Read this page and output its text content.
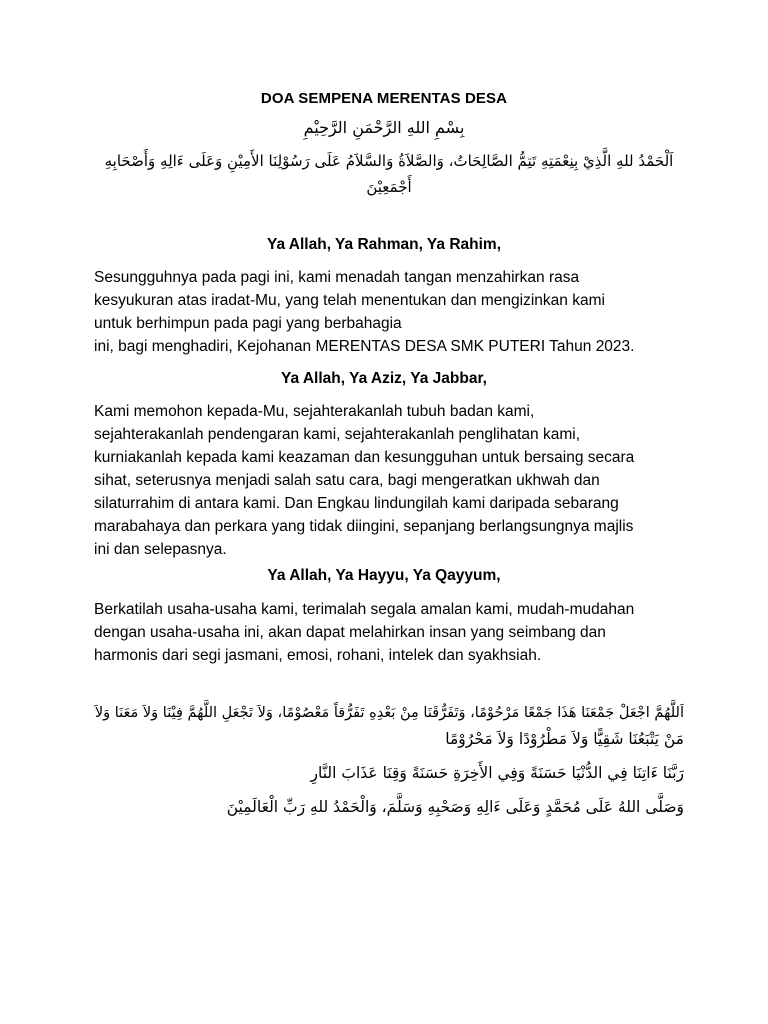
DOA SEMPENA MERENTAS DESA
بِسْمِ اللهِ الرَّحْمَنِ الرَّحِيْمِ
اَلْحَمْدُ للهِ الَّذِيْ بِنِعْمَتِهِ تَتِمُّ الصَّالِحَاتُ، وَالصَّلاَةُ وَالسَّلاَمُ عَلَى رَسُوْلِنَا الأَمِيْنِ وَعَلَى ءَالِهِ وَأَصْحَابِهِ أَجْمَعِيْنَ
Ya Allah, Ya Rahman, Ya Rahim,
Sesungguhnya pada pagi ini, kami menadah tangan menzahirkan rasa
kesyukuran atas iradat-Mu, yang telah menentukan dan mengizinkan kami
untuk berhimpun pada pagi yang berbahagia
ini, bagi menghadiri, Kejohanan MERENTAS DESA SMK PUTERI Tahun 2023.
Ya Allah, Ya Aziz, Ya Jabbar,
Kami memohon kepada-Mu, sejahterakanlah tubuh badan kami,
sejahterakanlah pendengaran kami, sejahterakanlah penglihatan kami,
kurniakanlah kepada kami keazaman dan kesungguhan untuk bersaing secara
sihat, seterusnya menjadi salah satu cara, bagi mengeratkan ukhwah dan
silaturrahim di antara kami. Dan Engkau lindungilah kami daripada sebarang
marabahaya dan perkara yang tidak diingini, sepanjang berlangsungnya majlis
ini dan selepasnya.
Ya Allah, Ya Hayyu, Ya Qayyum,
Berkatilah usaha-usaha kami, terimalah segala amalan kami, mudah-mudahan
dengan usaha-usaha ini, akan dapat melahirkan insan yang seimbang dan
harmonis dari segi jasmani, emosi, rohani, intelek dan syakhsiah.
اَللَّهُمَّ اجْعَلْ جَمْعَنَا هَذَا جَمْعًا مَرْحُوْمًا، وَتَفَرُّقَنَا مِنْ بَعْدِهِ تَفَرُّقاً مَعْصُوْمًا، وَلاَ تَجْعَلِ اللَّهُمَّ فِيْنَا وَلاَ مَعَنَا وَلاَ
مَنْ يَتْبَعُنَا شَقِيًّا وَلاَ مَطْرُوْدًا وَلاَ مَحْرُوْمًا
رَبَّنَا ءَاتِنَا فِي الدُّنْيَا حَسَنَةً وَفِي الأَخِرَةِ حَسَنَةً وَقِنَا عَذَابَ النَّارِ
وَصَلَّى اللهُ عَلَى مُحَمَّدٍ وَعَلَى ءَالِهِ وَصَحْبِهِ وَسَلَّمَ، وَالْحَمْدُ للهِ رَبِّ الْعَالَمِيْنَ
